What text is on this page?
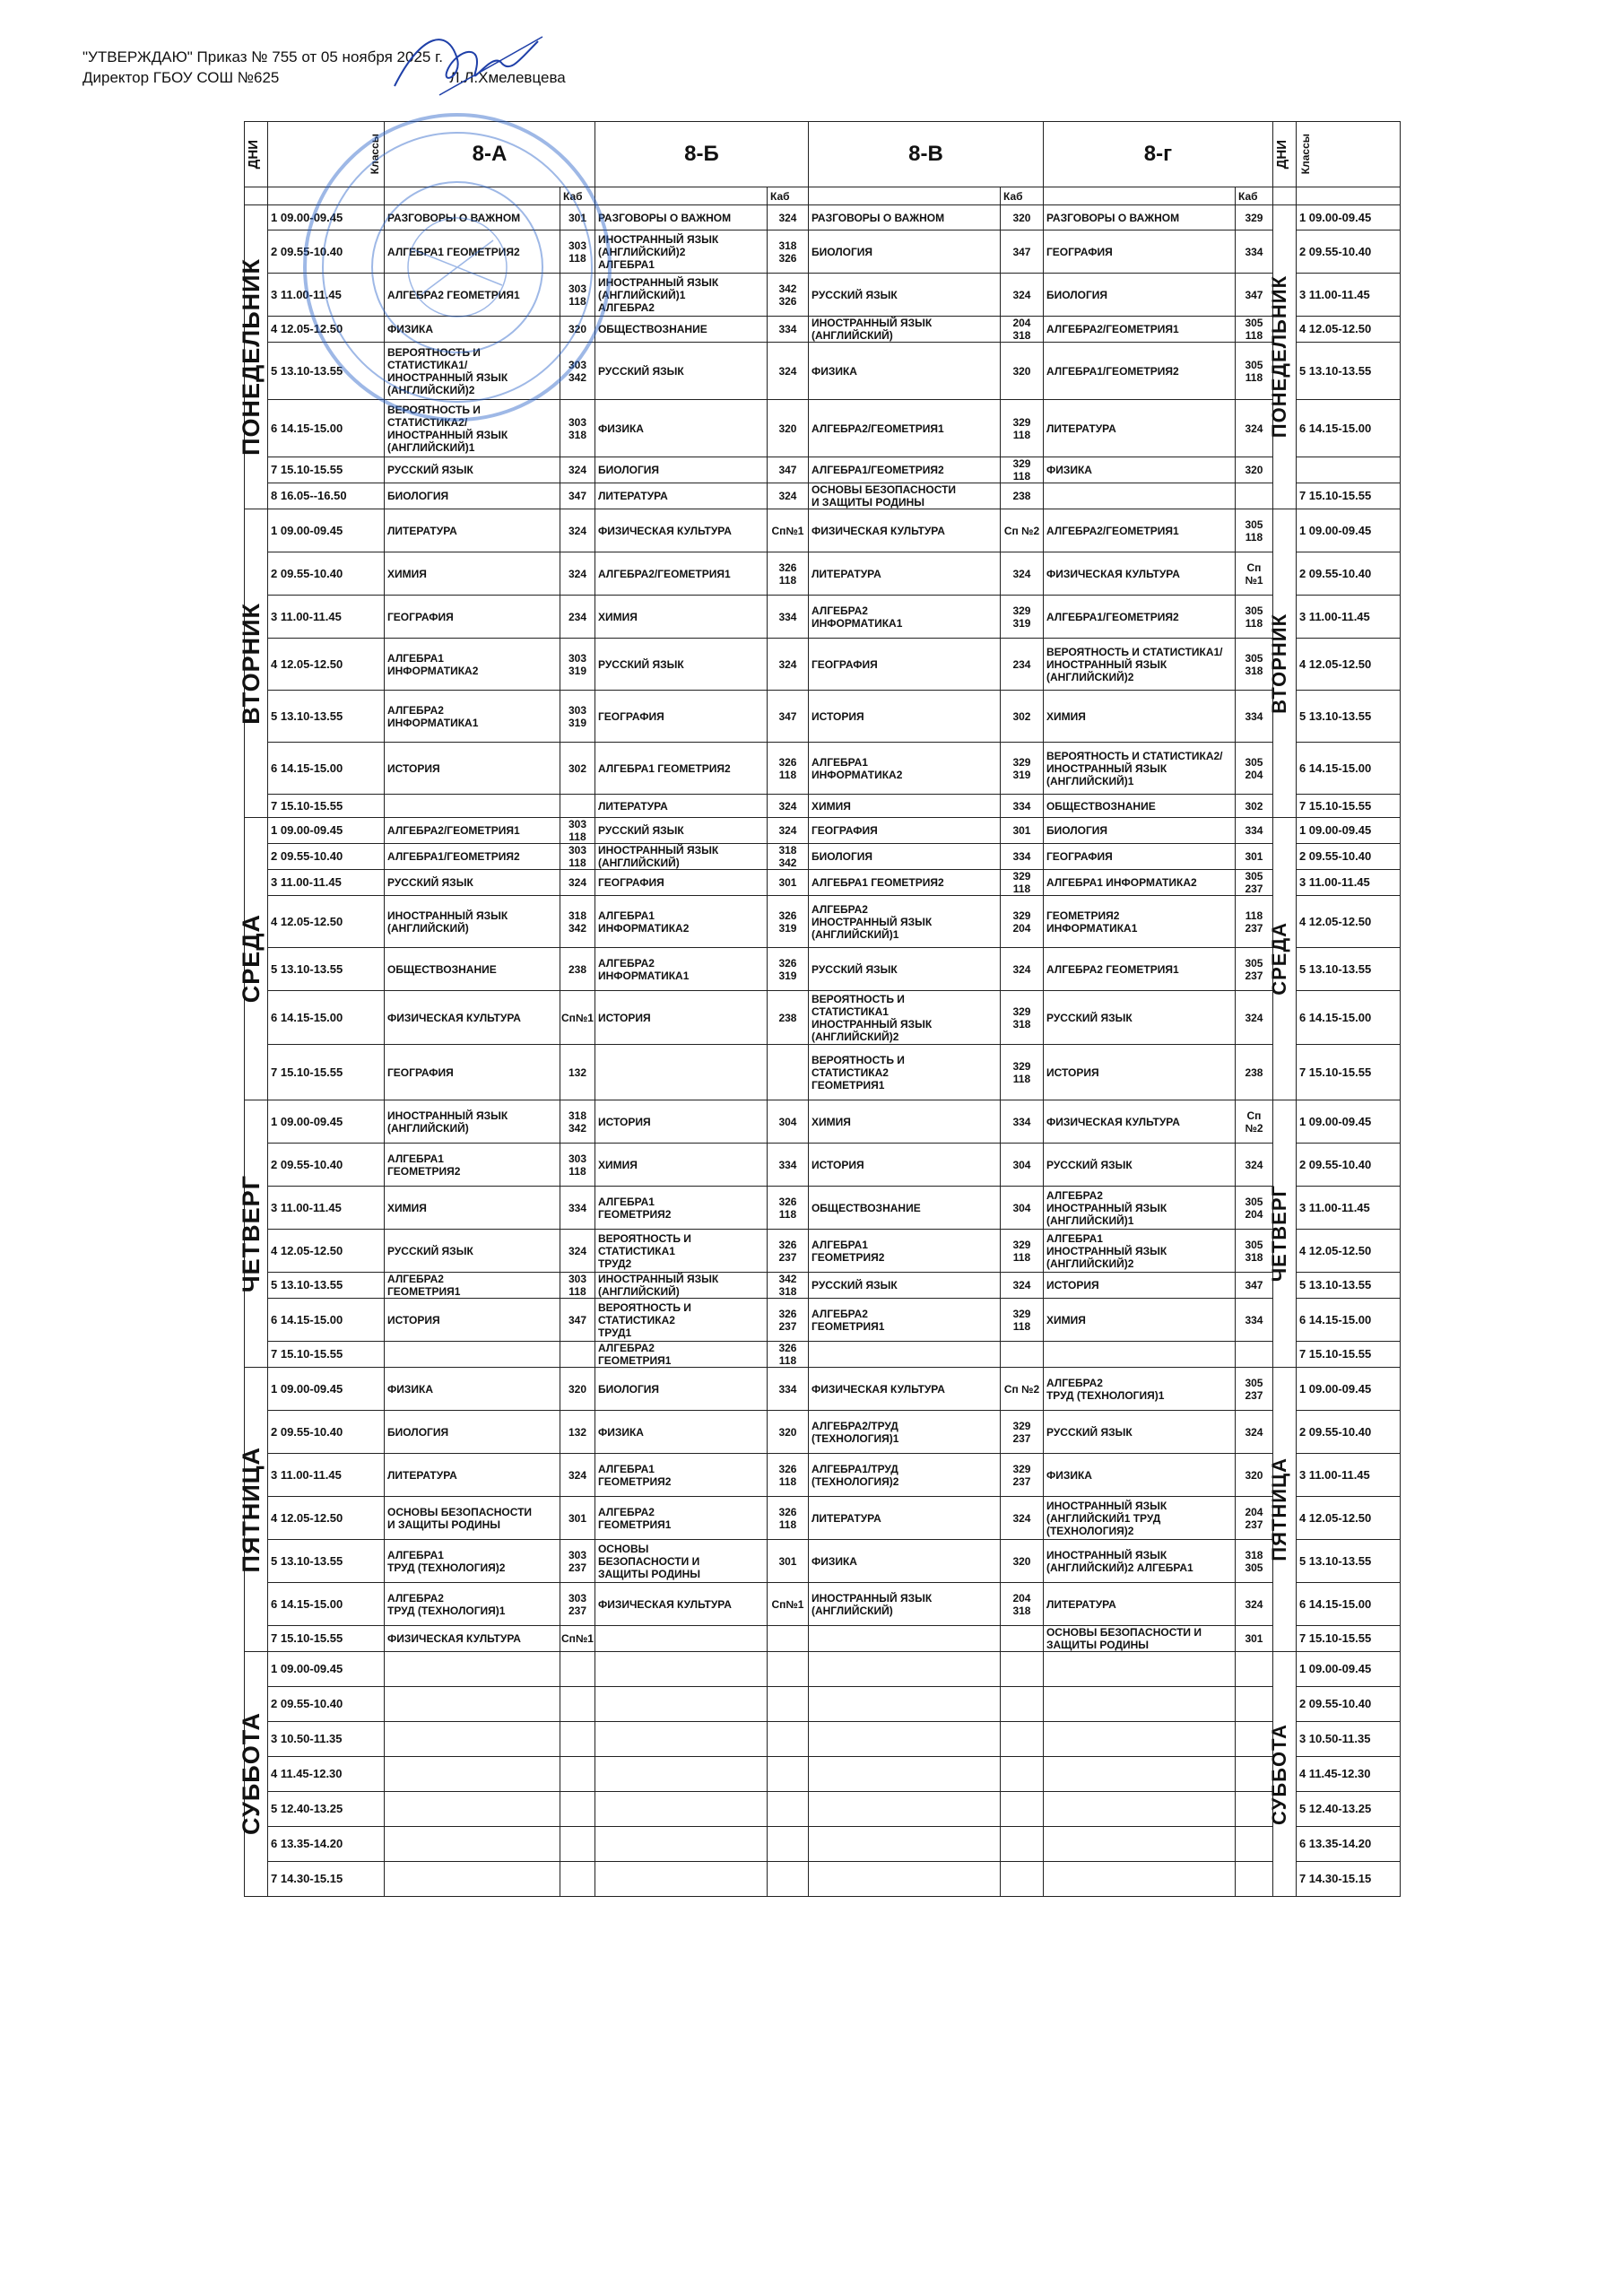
"УТВЕРЖДАЮ" Приказ № 755 от 05 ноября 2025 г.
Директор ГБОУ СОШ №625	Л.Л.Хмелевцева
ДНИ	Классы	8-А		8-Б		8-В		8-г		ДНИ	Классы

			Каб		Каб		Каб		Каб		

ПОНЕДЕЛЬНИК	1 09.00-09.45	РАЗГОВОРЫ О ВАЖНОМ	301	РАЗГОВОРЫ О ВАЖНОМ	324	РАЗГОВОРЫ О ВАЖНОМ	320	РАЗГОВОРЫ О ВАЖНОМ	329	ПОНЕДЕЛЬНИК	1 09.00-09.45
	2 09.55-10.40	АЛГЕБРА1 ГЕОМЕТРИЯ2	303
118	ИНОСТРАННЫЙ ЯЗЫК
(АНГЛИЙСКИЙ)2
АЛГЕБРА1	318
326	БИОЛОГИЯ	347	ГЕОГРАФИЯ	334		2 09.55-10.40
	3 11.00-11.45	АЛГЕБРА2 ГЕОМЕТРИЯ1	303
118	ИНОСТРАННЫЙ ЯЗЫК
(АНГЛИЙСКИЙ)1
АЛГЕБРА2	342
326	РУССКИЙ ЯЗЫК	324	БИОЛОГИЯ	347		3 11.00-11.45
	4 12.05-12.50	ФИЗИКА	320	ОБЩЕСТВОЗНАНИЕ	334	ИНОСТРАННЫЙ ЯЗЫК
(АНГЛИЙСКИЙ)	204
318	АЛГЕБРА2/ГЕОМЕТРИЯ1	305
118		4 12.05-12.50
	5 13.10-13.55	ВЕРОЯТНОСТЬ И
СТАТИСТИКА1/
ИНОСТРАННЫЙ ЯЗЫК
(АНГЛИЙСКИЙ)2	303
342	РУССКИЙ ЯЗЫК	324	ФИЗИКА	320	АЛГЕБРА1/ГЕОМЕТРИЯ2	305
118		5 13.10-13.55
	6 14.15-15.00	ВЕРОЯТНОСТЬ И
СТАТИСТИКА2/
ИНОСТРАННЫЙ ЯЗЫК
(АНГЛИЙСКИЙ)1	303
318	ФИЗИКА	320	АЛГЕБРА2/ГЕОМЕТРИЯ1	329
118	ЛИТЕРАТУРА	324		6 14.15-15.00
	7 15.10-15.55	РУССКИЙ ЯЗЫК	324	БИОЛОГИЯ	347	АЛГЕБРА1/ГЕОМЕТРИЯ2	329
118	ФИЗИКА	320		
	8 16.05--16.50	БИОЛОГИЯ	347	ЛИТЕРАТУРА	324	ОСНОВЫ БЕЗОПАСНОСТИ
И ЗАЩИТЫ РОДИНЫ	238				7 15.10-15.55

ВТОРНИК	1 09.00-09.45	ЛИТЕРАТУРА	324	ФИЗИЧЕСКАЯ КУЛЬТУРА	Сп№1	ФИЗИЧЕСКАЯ КУЛЬТУРА	Сп №2	АЛГЕБРА2/ГЕОМЕТРИЯ1	305
118	ВТОРНИК	1 09.00-09.45
	2 09.55-10.40	ХИМИЯ	324	АЛГЕБРА2/ГЕОМЕТРИЯ1	326
118	ЛИТЕРАТУРА	324	ФИЗИЧЕСКАЯ КУЛЬТУРА	Сп №1		2 09.55-10.40
	3 11.00-11.45	ГЕОГРАФИЯ	234	ХИМИЯ	334	АЛГЕБРА2
ИНФОРМАТИКА1	329
319	АЛГЕБРА1/ГЕОМЕТРИЯ2	305
118		3 11.00-11.45
	4 12.05-12.50	АЛГЕБРА1
ИНФОРМАТИКА2	303
319	РУССКИЙ ЯЗЫК	324	ГЕОГРАФИЯ	234	ВЕРОЯТНОСТЬ И СТАТИСТИКА1/
ИНОСТРАННЫЙ ЯЗЫК
(АНГЛИЙСКИЙ)2	305
318		4 12.05-12.50
	5 13.10-13.55	АЛГЕБРА2
ИНФОРМАТИКА1	303
319	ГЕОГРАФИЯ	347	ИСТОРИЯ	302	ХИМИЯ	334		5 13.10-13.55
	6 14.15-15.00	ИСТОРИЯ	302	АЛГЕБРА1 ГЕОМЕТРИЯ2	326
118	АЛГЕБРА1
ИНФОРМАТИКА2	329
319	ВЕРОЯТНОСТЬ И СТАТИСТИКА2/
ИНОСТРАННЫЙ ЯЗЫК
(АНГЛИЙСКИЙ)1	305
204		6 14.15-15.00
	7 15.10-15.55			ЛИТЕРАТУРА	324	ХИМИЯ	334	ОБЩЕСТВОЗНАНИЕ	302		7 15.10-15.55

СРЕДА	1 09.00-09.45	АЛГЕБРА2/ГЕОМЕТРИЯ1	303
118	РУССКИЙ ЯЗЫК	324	ГЕОГРАФИЯ	301	БИОЛОГИЯ	334	СРЕДА	1 09.00-09.45
	2 09.55-10.40	АЛГЕБРА1/ГЕОМЕТРИЯ2	303
118	ИНОСТРАННЫЙ ЯЗЫК
(АНГЛИЙСКИЙ)	318
342	БИОЛОГИЯ	334	ГЕОГРАФИЯ	301		2 09.55-10.40
	3 11.00-11.45	РУССКИЙ ЯЗЫК	324	ГЕОГРАФИЯ	301	АЛГЕБРА1 ГЕОМЕТРИЯ2	329
118	АЛГЕБРА1 ИНФОРМАТИКА2	305
237		3 11.00-11.45
	4 12.05-12.50	ИНОСТРАННЫЙ ЯЗЫК
(АНГЛИЙСКИЙ)	318
342	АЛГЕБРА1
ИНФОРМАТИКА2	326
319	АЛГЕБРА2
ИНОСТРАННЫЙ ЯЗЫК
(АНГЛИЙСКИЙ)1	329
204	ГЕОМЕТРИЯ2
ИНФОРМАТИКА1	118
237		4 12.05-12.50
	5 13.10-13.55	ОБЩЕСТВОЗНАНИЕ	238	АЛГЕБРА2
ИНФОРМАТИКА1	326
319	РУССКИЙ ЯЗЫК	324	АЛГЕБРА2 ГЕОМЕТРИЯ1	305
237		5 13.10-13.55
	6 14.15-15.00	ФИЗИЧЕСКАЯ КУЛЬТУРА	Сп№1	ИСТОРИЯ	238	ВЕРОЯТНОСТЬ И
СТАТИСТИКА1
ИНОСТРАННЫЙ ЯЗЫК
(АНГЛИЙСКИЙ)2	329
318	РУССКИЙ ЯЗЫК	324		6 14.15-15.00
	7 15.10-15.55	ГЕОГРАФИЯ	132			ВЕРОЯТНОСТЬ И
СТАТИСТИКА2
ГЕОМЕТРИЯ1	329
118	ИСТОРИЯ	238		7 15.10-15.55

ЧЕТВЕРГ	1 09.00-09.45	ИНОСТРАННЫЙ ЯЗЫК
(АНГЛИЙСКИЙ)	318
342	ИСТОРИЯ	304	ХИМИЯ	334	ФИЗИЧЕСКАЯ КУЛЬТУРА	Сп №2	ЧЕТВЕРГ	1 09.00-09.45
	2 09.55-10.40	АЛГЕБРА1
ГЕОМЕТРИЯ2	303
118	ХИМИЯ	334	ИСТОРИЯ	304	РУССКИЙ ЯЗЫК	324		2 09.55-10.40
	3 11.00-11.45	ХИМИЯ	334	АЛГЕБРА1
ГЕОМЕТРИЯ2	326
118	ОБЩЕСТВОЗНАНИЕ	304	АЛГЕБРА2
ИНОСТРАННЫЙ ЯЗЫК
(АНГЛИЙСКИЙ)1	305
204		3 11.00-11.45
	4 12.05-12.50	РУССКИЙ ЯЗЫК	324	ВЕРОЯТНОСТЬ И
СТАТИСТИКА1
ТРУД2	326
237	АЛГЕБРА1
ГЕОМЕТРИЯ2	329
118	АЛГЕБРА1
ИНОСТРАННЫЙ ЯЗЫК
(АНГЛИЙСКИЙ)2	305
318		4 12.05-12.50
	5 13.10-13.55	АЛГЕБРА2
ГЕОМЕТРИЯ1	303
118	ИНОСТРАННЫЙ ЯЗЫК
(АНГЛИЙСКИЙ)	342
318	РУССКИЙ ЯЗЫК	324	ИСТОРИЯ	347		5 13.10-13.55
	6 14.15-15.00	ИСТОРИЯ	347	ВЕРОЯТНОСТЬ И
СТАТИСТИКА2
ТРУД1	326
237	АЛГЕБРА2
ГЕОМЕТРИЯ1	329
118	ХИМИЯ	334		6 14.15-15.00
	7 15.10-15.55			АЛГЕБРА2
ГЕОМЕТРИЯ1	326
118						7 15.10-15.55

ПЯТНИЦА	1 09.00-09.45	ФИЗИКА	320	БИОЛОГИЯ	334	ФИЗИЧЕСКАЯ КУЛЬТУРА	Сп №2	АЛГЕБРА2
ТРУД (ТЕХНОЛОГИЯ)1	305
237	ПЯТНИЦА	1 09.00-09.45
	2 09.55-10.40	БИОЛОГИЯ	132	ФИЗИКА	320	АЛГЕБРА2/ТРУД
(ТЕХНОЛОГИЯ)1	329
237	РУССКИЙ ЯЗЫК	324		2 09.55-10.40
	3 11.00-11.45	ЛИТЕРАТУРА	324	АЛГЕБРА1
ГЕОМЕТРИЯ2	326
118	АЛГЕБРА1/ТРУД
(ТЕХНОЛОГИЯ)2	329
237	ФИЗИКА	320		3 11.00-11.45
	4 12.05-12.50	ОСНОВЫ БЕЗОПАСНОСТИ
И ЗАЩИТЫ РОДИНЫ	301	АЛГЕБРА2
ГЕОМЕТРИЯ1	326
118	ЛИТЕРАТУРА	324	ИНОСТРАННЫЙ ЯЗЫК
(АНГЛИЙСКИЙ1 ТРУД
(ТЕХНОЛОГИЯ)2	204
237		4 12.05-12.50
	5 13.10-13.55	АЛГЕБРА1
ТРУД (ТЕХНОЛОГИЯ)2	303
237	ОСНОВЫ
БЕЗОПАСНОСТИ И
ЗАЩИТЫ РОДИНЫ	301	ФИЗИКА	320	ИНОСТРАННЫЙ ЯЗЫК
(АНГЛИЙСКИЙ)2 АЛГЕБРА1	318
305		5 13.10-13.55
	6 14.15-15.00	АЛГЕБРА2
ТРУД (ТЕХНОЛОГИЯ)1	303
237	ФИЗИЧЕСКАЯ КУЛЬТУРА	Сп№1	ИНОСТРАННЫЙ ЯЗЫК
(АНГЛИЙСКИЙ)	204
318	ЛИТЕРАТУРА	324		6 14.15-15.00
	7 15.10-15.55	ФИЗИЧЕСКАЯ КУЛЬТУРА	Сп№1					ОСНОВЫ БЕЗОПАСНОСТИ И
ЗАЩИТЫ РОДИНЫ	301		7 15.10-15.55

СУББОТА	1 09.00-09.45									СУББОТА	1 09.00-09.45
	2 09.55-10.40										2 09.55-10.40
	3 10.50-11.35										3 10.50-11.35
	4 11.45-12.30										4 11.45-12.30
	5 12.40-13.25										5 12.40-13.25
	6 13.35-14.20										6 13.35-14.20
	7 14.30-15.15										7 14.30-15.15
